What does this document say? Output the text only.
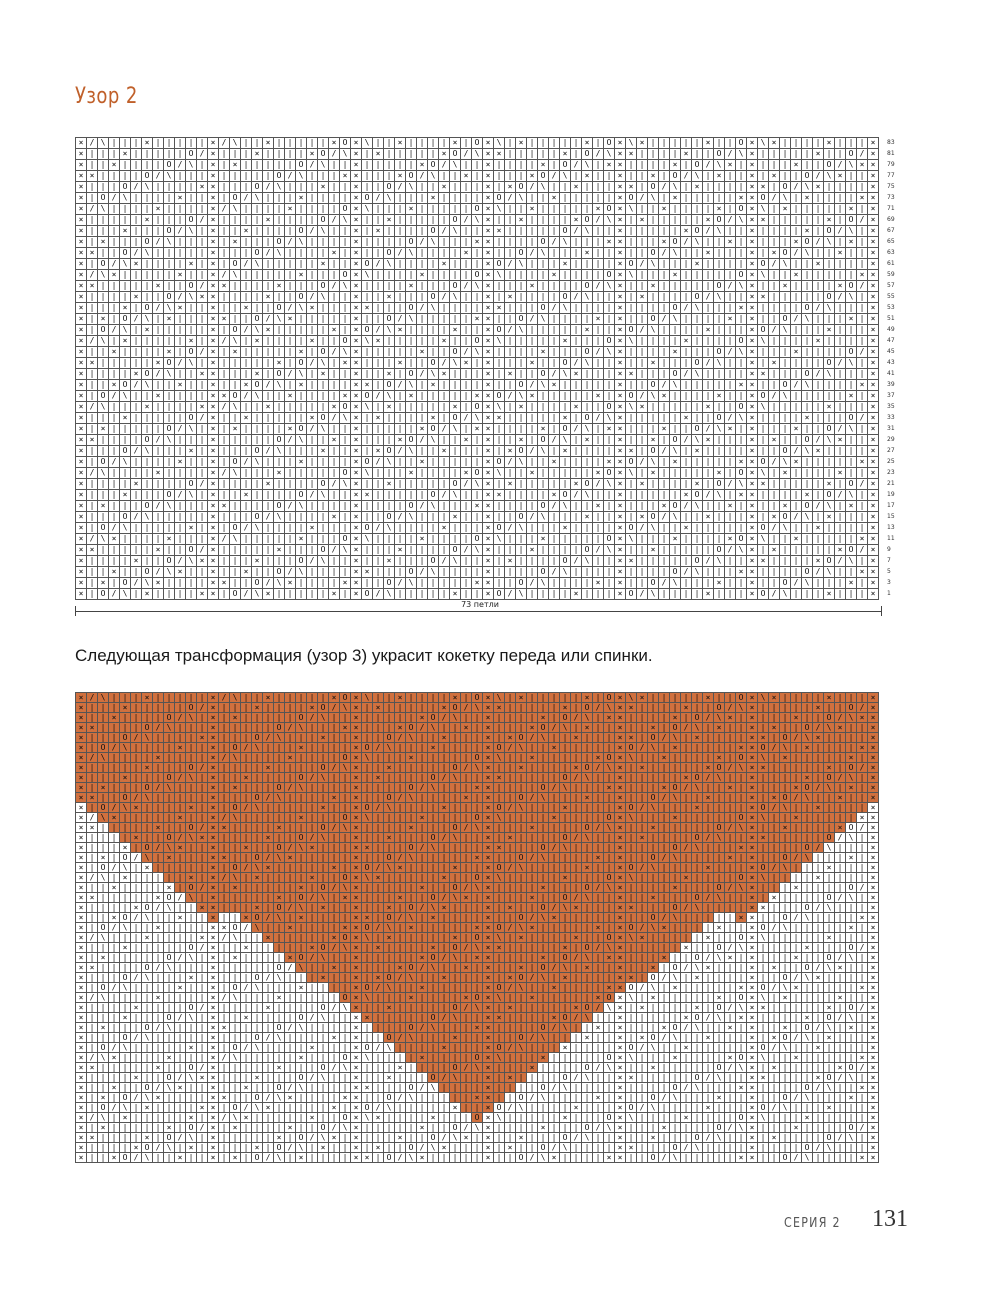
Узор 2
× / \ | | | × | | | | | × / \ | | × | | | | | × O × \ | | × | | | | × | O × \ | × | | | | | × | O × \ × | | | | | × | | O × \ × | | | | × | | | ×
× | | | × | | | | | O / × | | | × | | | | × O / \ × | × | | | | | × O / \ × × | | | | | × | O / \ × × | | | | × | | O / \ × | | | | | × | | O / ×
× | | × | | | | O / \ | × | × | | | | | O / \ | | × | | | | | × O / \ | | × | | | | × | O / \ | × × | | | | × | O / \ × | × | | | × | | O / \ × ×
× × | | | | O / \ | | | × | | | | | O / \ | | | × × | | | × O / \ | | × | × | | | × O / \ | × | | × | | × | O / \ | × | | × | × | | O / \ × | | ×
× | | | O / \ | | | | × × | | | O / \ | | | × | | × | | O / \ | | × | | | × | × O / \ | | × | | | × × | O / \ | × | | | | × × | O / \ × | | | | ×
× | O / \ | | | | × | | × | O / \ | | | × | | | | × O / \ | | | × | | | | × O / \ | | × | | | | | × O / \ | × | | | | | × × O / \ | × | | | | × ×
× / \ | | | | × | | | | × / \ | | | | × | | | | O × \ | | | × | | | | | O × \ | | × | | | | | × O × \ | | × | | | | × | O × \ | × | | | | | × | ×
× | | | | | × | | | O / × | | | | × | | | | O / \ × | | × | | | | | O / \ × | | × | | | | × O / \ × | × | | | | | × O / \ × × | | | | | × | O / ×
× | | | × | | | O / \ | × | | × | | | | O / \ | | × | × | | | | O / \ | | × × | | | | | O / \ | | × | | | | | × O / \ | | × | | | | × | O / \ | ×
× | × | | | O / \ | | | × | × | | | O / \ | | | | × | | | | O / \ | | | × × | | | | O / \ | | | × × | | | × O / \ | | × | × | | | × O / \ | × | ×
× × | | O / \ | | | | | × | | | O / \ | | | | × | × | | O / \ | | | | × | × | | O / \ | | | × | | × | | O / \ | | × | | | × | × O / \ | | × | | ×
× | O / \ × | | | | × | × | O / \ | | | | | × | | × O / \ | | | | × | | | × O / \ | | | × | | | | × O / \ | | | × | | | | × O / \ | | × | | | | ×
× / \ × | | | | | × | | × / \ | | | | | × | | | O × \ | | | | × | | | | O × \ | | | | × | | | | O × \ | | | × | | | | | O × \ | | × | | | | | × ×
× × | | | | | × | | O / × × | | | | × | | | O / \ × | | | | × | | | O / \ × | | | × | | | | O / \ × | | × | | | | | O / \ × | | × | | | | × O / ×
× | | | | × | | O / \ × × | | | | × | | O / \ | | × | | × | | | O / \ | | × | × | | | | O / \ | | × | × | | | | O / \ | | × × | | | | | O / \ | ×
× | | | × | O / \ × | | × | | × | | O / \ × | | | × × | | | O / \ | | | | × × | | | O / \ | | | | × | | | | O / \ | | | × × | | | | O / \ | | | ×
× | × | O / \ | × | | | × × | | O / \ × | | | | | × | | O / \ | | | | | × × | | O / \ | | | | × | × | | O / \ | | | | × | × | | O / \ | | | × | ×
× | O / \ | × | | | | | × | O / \ × | | | | | × | × O / \ × | | | | × | | × O / \ | | | | | × | | × O / \ | | | | × | | | × O / \ | | | × | | | ×
× / \ | × | | | | | × | × / \ | × | | | | × | | O × \ × | | | | | × | | O × \ | | | | | × | | | O × \ | | | | × | | | | O × \ | | | | × | | | | ×
× | | × | | | | × | O / × | × | | | | | × | O / \ × | | | | | × | | O / \ × | | | | × | | | O / \ × | | | | × | | | O / \ × | | | × | | | | O / ×
× × | | | | | × O / \ | × | | | | | × | O / \ | × × | | | × | | O / \ × | × | | | × | | O / \ | | × | | × | | | O / \ | | × | × | | | | O / \ | ×
× | | | | × O / \ | | × × | | | × | O / \ | × | | × | | × | O / \ × | | | × | × | | O / \ × | | | × × | | | O / \ | | | | × × | | | O / \ | | | ×
× | | × O / \ | | × | | × | | × O / \ | × | | | | × × | O / \ | × | | | | × | | O / \ × | | | | | × | | O / \ | | | | | × × | | O / \ | | | | × ×
× | O / \ | | × | | | | × × O / \ | | × | | | | × × O / \ | × | | | | | × × O / \ × | | | | | × | × O / \ × | | | | × | | × O / \ | | | | | × | ×
× / \ | | | × | | | | × × / \ | | × | | | | | × O × \ | × | | | | | × | O × \ | × | | | | × | | O × \ × | | | | | × | | O × \ | | | | | × | | | ×
× | | | × | | | | | O / × | | × | | | | | × O / \ × | × | | | | × | O / \ × × | | | | | × | O / \ × | | | | | × | | O / \ × | | | | × | | | O / ×
× | × | | | | | O / \ | × | × | | | | × O / \ | | × | | | | | × O / \ | × × | | | | × | O / \ | × × | | | × | | O / \ × | × | | | × | | O / \ | ×
× × | | | | O / \ | | | × | | | | | O / \ | | × | × | | | × O / \ | | × | × | | × | O / \ | × | | × | | × | O / \ × | | | × | × | | O / \ × | | ×
× | | | O / \ | | | × | × | | | O / \ | | | × | | × | × O / \ | | × | | | × | × O / \ | × | | | | × × | O / \ | × | | | | × | | O / \ × | | | | ×
× | O / \ | | | | × | | × | O / \ | | | × | | | | × O / \ | | × | | | | | × O / \ | | × | | | | × × O / \ | × | | | | | × × O / \ × | | | | | × ×
× / \ | | | | × | | | | × / \ | | | × | | | | | O × \ | | | × | | | | × O × \ | | × | | | | | × O × \ | × | | | | | × | O × \ | × | | | | × | | ×
× | | | | × | | | | O / × | | | | × | | | | O / \ × | | × | | | | | O / \ × | × | | | | | × O / \ × | × | | | | × | O / \ × × | | | | | × | O / ×
× | | | × | | | O / \ | × | | × | | | | O / \ | | × × | | | | | O / \ | | × × | | | | × O / \ | | × | | | | | × O / \ | × × | | | | × | O / \ | ×
× | × | | | O / \ | | | × × | | | | O / \ | | | | × | | | | O / \ | | | × × | | | | O / \ | | × | × | | | × O / \ | | × | × | | × | O / \ | × | ×
× | | | O / \ | | | | | × | | | O / \ | | | | × | × | | O / \ | | | × | | × | | O / \ | | | × | | × | × O / \ | | × | | | × | × O / \ | × | | | ×
× | O / \ | | | | | × | × | O / \ | | | | × | | | × O / \ | | | | × | | | × O / \ | | | × | | | | × O / \ | | × | | | | | × O / \ | | × | | | | ×
× / \ × | | | | × | | | × / \ | | | | | × | | | O × \ | | | | × | | | | O × \ | | | × | | | | | O × \ | | | × | | | | × O × \ | | × | | | | | × ×
× × | | | | | × | | O / × | | | | | × | | | O / \ × | | | × | | | | O / \ × | | | × | | | | O / \ × | | × | | | | | O / \ × | × | | | | | × O / ×
× | | | | × | | O / \ × × | | | × | | | O / \ | | × | | × | | | O / \ | | × | × | | | | O / \ | | × × | | | | | O / \ | | × × | | | | × O / \ | ×
× | | × | | O / \ × | | × | | × | | O / \ | | | | × × | | | O / \ | | | | × | | | | O / \ | | | | × | | | | O / \ | | | × × | | | | O / \ | | × ×
× | × | O / \ × | | | | × × | | O / \ × | | | | × × | | O / \ | | | | | × × | | O / \ | | | | × | × | | O / \ | | | × | | × | | O / \ | | | × | ×
× | O / \ | × | | | | × × | O / \ × | | | | | × | × O / \ | | | | | × | | × O / \ | | | | × | | | × O / \ | | | | × | | | × O / \ | | | × | | | ×
83
81
79
77
75
73
71
69
67
65
63
61
59
57
55
53
51
49
47
45
43
41
39
37
35
33
31
29
27
25
23
21
19
17
15
13
11
9
7
5
3
1
73 петли
Следующая трансформация (узор 3) украсит кокетку переда или спинки.
× / \ | | | × | | | | | × / \ | | × | | | | | × O × \ | | × | | | | × | O × \ | × | | | | | × | O × \ × | | | | | × | | O × \ × | | | | × | | | ×
× | | | × | | | | | O / × | | | × | | | | × O / \ × | × | | | | | × O / \ × × | | | | | × | O / \ × × | | | | × | | O / \ × | | | | | × | | O / ×
× | | × | | | | O / \ | × | × | | | | | O / \ | | × | | | | | × O / \ | | × | | | | × | O / \ | × × | | | | × | O / \ × | × | | | × | | O / \ × ×
× × | | | | O / \ | | | × | | | | | O / \ | | | × × | | | × O / \ | | × | × | | | × O / \ | × | | × | | × | O / \ | × | | × | × | | O / \ × | | ×
× | | | O / \ | | | | × × | | | O / \ | | | × | | × | | O / \ | | × | | | × | × O / \ | | × | | | × × | O / \ | × | | | | × × | O / \ × | | | | ×
× | O / \ | | | | × | | × | O / \ | | | × | | | | × O / \ | | | × | | | | × O / \ | | × | | | | | × O / \ | × | | | | | × × O / \ | × | | | | × ×
× / \ | | | | × | | | | × / \ | | | | × | | | | O × \ | | | × | | | | | O × \ | | × | | | | | × O × \ | | × | | | | × | O × \ | × | | | | | × | ×
× | | | | | × | | | O / × | | | | × | | | | O / \ × | | × | | | | | O / \ × | | × | | | | × O / \ × | × | | | | | × O / \ × × | | | | | × | O / ×
× | | | × | | | O / \ | × | | × | | | | O / \ | | × | × | | | | O / \ | | × × | | | | | O / \ | | × | | | | | × O / \ | | × | | | | × | O / \ | ×
× | × | | | O / \ | | | × | × | | | O / \ | | | | × | | | | O / \ | | | × × | | | | O / \ | | | × × | | | × O / \ | | × | × | | | × O / \ | × | ×
× × | | O / \ | | | | | × | | | O / \ | | | | × | × | | O / \ | | | | × | × | | O / \ | | | × | | × | | O / \ | | × | | | × | × O / \ | | × | | ×
× | O / \ × | | | | × | × | O / \ | | | | | × | | × O / \ | | | | × | | | × O / \ | | | × | | | | × O / \ | | | × | | | | × O / \ | | × | | | | ×
× / \ × | | | | | × | | × / \ | | | | | × | | | O × \ | | | | × | | | | O × \ | | | | × | | | | O × \ | | | × | | | | | O × \ | | × | | | | | × ×
× × | | | | | × | | O / × × | | | | × | | | O / \ × | | | | × | | | O / \ × | | | × | | | | O / \ × | | × | | | | | O / \ × | | × | | | | × O / ×
× | | | | × | | O / \ × × | | | | × | | O / \ | | × | | × | | | O / \ | | × | × | | | | O / \ | | × | × | | | | O / \ | | × × | | | | | O / \ | ×
× | | | × | O / \ × | | × | | × | | O / \ × | | | × × | | | O / \ | | | | × × | | | O / \ | | | | × | | | | O / \ | | | × × | | | | O / \ | | | ×
× | × | O / \ | × | | | × × | | O / \ × | | | | | × | | O / \ | | | | | × × | | O / \ | | | | × | × | | O / \ | | | | × | × | | O / \ | | | × | ×
× | O / \ | × | | | | | × | O / \ × | | | | | × | × O / \ × | | | | × | | × O / \ | | | | | × | | × O / \ | | | | × | | | × O / \ | | | × | | | ×
× / \ | × | | | | | × | × / \ | × | | | | × | | O × \ × | | | | | × | | O × \ | | | | | × | | | O × \ | | | | × | | | | O × \ | | | | × | | | | ×
× | | × | | | | × | O / × | × | | | | | × | O / \ × | | | | | × | | O / \ × | | | | × | | | O / \ × | | | | × | | | O / \ × | | | × | | | | O / ×
× × | | | | | × O / \ | × | | | | | × | O / \ | × × | | | × | | O / \ × | × | | | × | | O / \ | | × | | × | | | O / \ | | × | × | | | | O / \ | ×
× | | | | × O / \ | | × × | | | × | O / \ | × | | × | | × | O / \ × | | | × | × | | O / \ × | | | × × | | | O / \ | | | | × × | | | O / \ | | | ×
× | | × O / \ | | × | | × | | × O / \ | × | | | | × × | O / \ | × | | | | × | | O / \ × | | | | | × | | O / \ | | | | | × × | | O / \ | | | | × ×
× | O / \ | | × | | | | × × O / \ | | × | | | | × × O / \ | × | | | | | × × O / \ × | | | | | × | × O / \ × | | | | × | | × O / \ | | | | | × | ×
× / \ | | | × | | | | × × / \ | | × | | | | | × O × \ | × | | | | | × | O × \ | × | | | | × | | O × \ × | | | | | × | | O × \ | | | | | × | | | ×
× | | | × | | | | | O / × | | × | | | | | × O / \ × | × | | | | × | O / \ × × | | | | | × | O / \ × | | | | | × | | O / \ × | | | | × | | | O / ×
× | × | | | | | O / \ | × | × | | | | × O / \ | | × | | | | | × O / \ | × × | | | | × | O / \ | × × | | | × | | O / \ × | × | | | × | | O / \ | ×
× × | | | | O / \ | | | × | | | | | O / \ | | × | × | | | × O / \ | | × | × | | × | O / \ | × | | × | | × | O / \ × | | | × | × | | O / \ × | | ×
× | | | O / \ | | | × | × | | | O / \ | | | × | | × | × O / \ | | × | | | × | × O / \ | × | | | | × × | O / \ | × | | | | × | | O / \ × | | | | ×
× | O / \ | | | | × | | × | O / \ | | | × | | | | × O / \ | | × | | | | | × O / \ | | × | | | | × × O / \ | × | | | | | × × O / \ × | | | | | × ×
× / \ | | | | × | | | | × / \ | | | × | | | | | O × \ | | | × | | | | × O × \ | | × | | | | | × O × \ | × | | | | | × | O × \ | × | | | | × | | ×
× | | | | × | | | | O / × | | | | × | | | | O / \ × | | × | | | | | O / \ × | × | | | | | × O / \ × | × | | | | × | O / \ × × | | | | | × | O / ×
× | | | × | | | O / \ | × | | × | | | | O / \ | | × × | | | | | O / \ | | × × | | | | × O / \ | | × | | | | | × O / \ | × × | | | | × | O / \ | ×
× | × | | | O / \ | | | × × | | | | O / \ | | | | × | | | | O / \ | | | × × | | | | O / \ | | × | × | | | × O / \ | | × | × | | × | O / \ | × | ×
× | | | O / \ | | | | | × | | | O / \ | | | | × | × | | O / \ | | | × | | × | | O / \ | | | × | | × | × O / \ | | × | | | × | × O / \ | × | | | ×
× | O / \ | | | | | × | × | O / \ | | | | × | | | × O / \ | | | | × | | | × O / \ | | | × | | | | × O / \ | | × | | | | | × O / \ | | × | | | | ×
× / \ × | | | | × | | | × / \ | | | | | × | | | O × \ | | | | × | | | | O × \ | | | × | | | | | O × \ | | | × | | | | × O × \ | | × | | | | | × ×
× × | | | | | × | | O / × | | | | | × | | | O / \ × | | | × | | | | O / \ × | | | × | | | | O / \ × | | × | | | | | O / \ × | × | | | | | × O / ×
× | | | | × | | O / \ × × | | | × | | | O / \ | | × | | × | | | O / \ | | × | × | | | | O / \ | | × × | | | | | O / \ | | × × | | | | × O / \ | ×
× | | × | | O / \ × | | × | | × | | O / \ | | | | × × | | | O / \ | | | | × | | | | O / \ | | | | × | | | | O / \ | | | × × | | | | O / \ | | × ×
× | × | O / \ × | | | | × × | | O / \ × | | | | × × | | O / \ | | | | | × × | | O / \ | | | | × | × | | O / \ | | | × | | × | | O / \ | | | × | ×
× | O / \ | × | | | | × × | O / \ × | | | | | × | × O / \ | | | | | × | | × O / \ | | | | × | | | × O / \ | | | | × | | | × O / \ | | | × | | | ×
× / \ | × | | | | | × | × / \ × | | | | | × | | O × \ × | | | | × | | | O × \ | | | | | × | | | O × \ | | | | × | | | | O × \ | | | × | | | | | ×
× | × | | | | | × | O / × | × | | | | × | | O / \ × | | | | | × | | O / \ × | | | | × | | | O / \ × | | | × | | | | O / \ × | | | × | | | | O / ×
× × | | | | × | O / \ | × | | | | | × | O / \ × | × | | | × | | O / \ × | × | | × | | | O / \ | | × | | × | | | O / \ | | × | × | | | | O / \ | ×
× | | | | × O / \ | × | × | | | × | O / \ | × | | × | × | | O / \ × | | | × | × | | O / \ | | | | × × | | | O / \ | | | | × | | | | O / \ | | | ×
× | | × O / \ | | × | | × | × | O / \ | × | | | | × × | O / \ × | | | | | × | | O / \ × | | | | × × | | O / \ | | | | | × × | | O / \ | | | | × ×
СЕРИЯ 2 131
